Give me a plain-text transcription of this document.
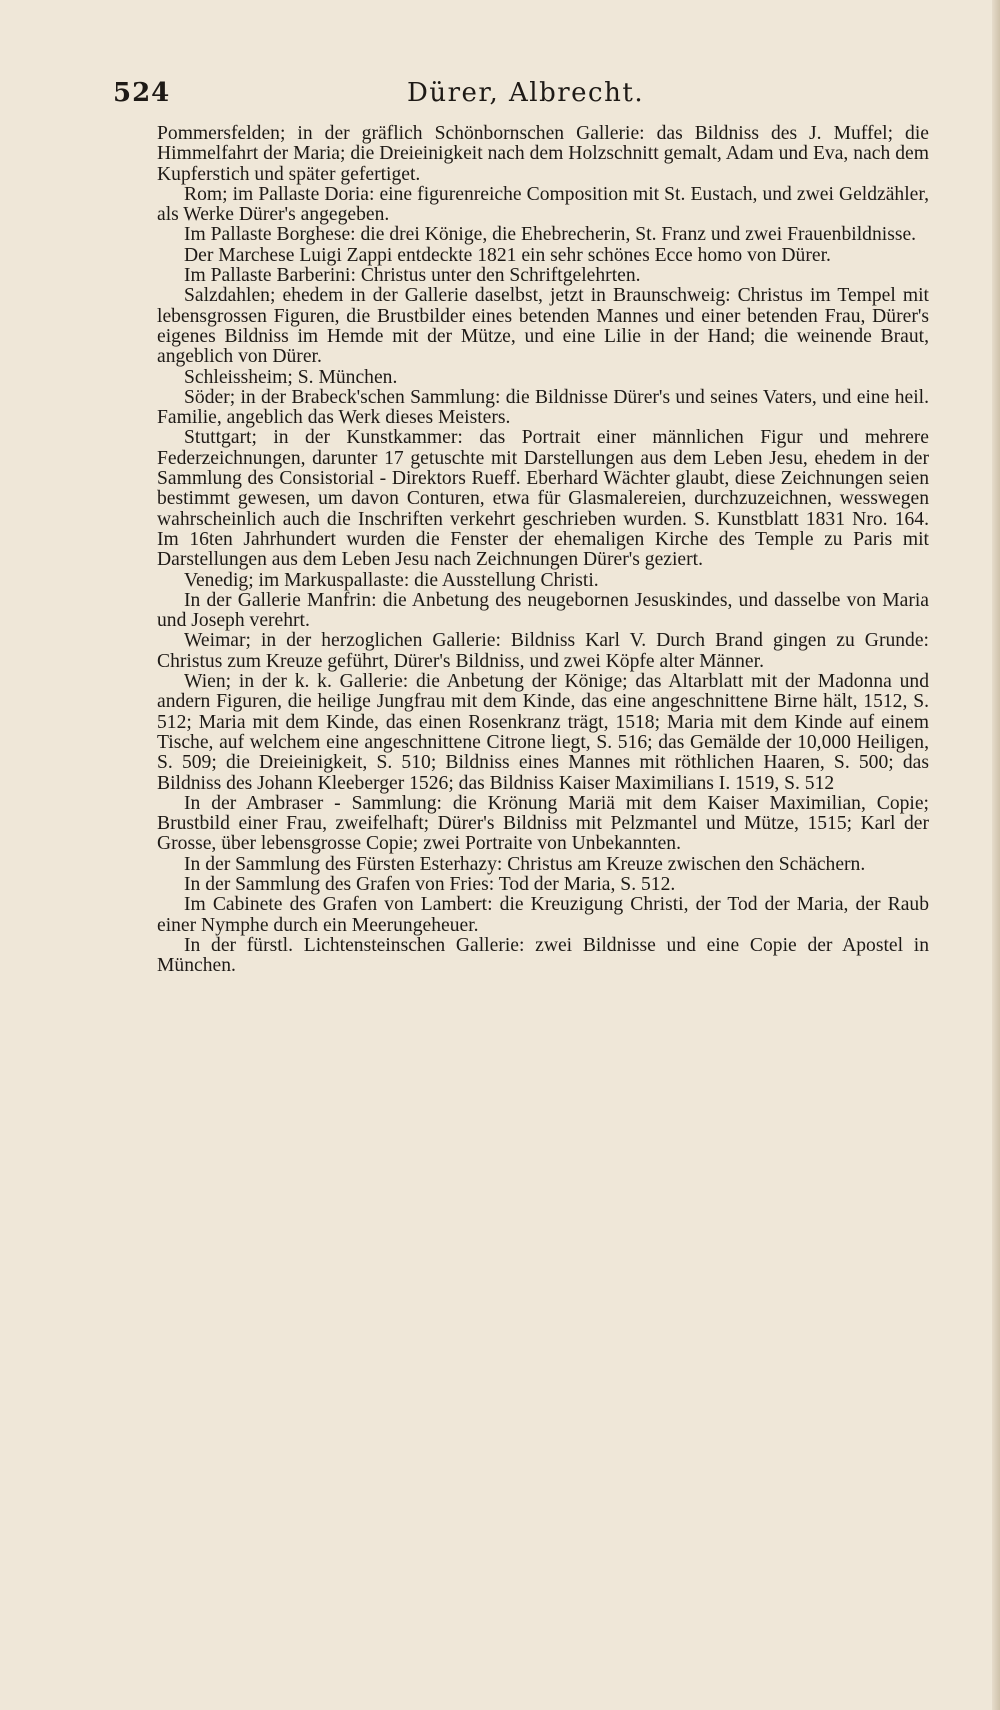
524	Dürer, Albrecht.

Pommersfelden; in der gräflich Schönbornschen Gallerie: das Bildniss des J. Muffel; die Himmelfahrt der Maria; die Dreieinigkeit nach dem Holzschnitt gemalt, Adam und Eva, nach dem Kupferstich und später gefertiget.

Rom; im Pallaste Doria: eine figurenreiche Composition mit St. Eustach, und zwei Geldzähler, als Werke Dürer's angegeben.

Im Pallaste Borghese: die drei Könige, die Ehebrecherin, St. Franz und zwei Frauenbildnisse.

Der Marchese Luigi Zappi entdeckte 1821 ein sehr schönes Ecce homo von Dürer.

Im Pallaste Barberini: Christus unter den Schriftgelehrten.

Salzdahlen; ehedem in der Gallerie daselbst, jetzt in Braunschweig: Christus im Tempel mit lebensgrossen Figuren, die Brustbilder eines betenden Mannes und einer betenden Frau, Dürer's eigenes Bildniss im Hemde mit der Mütze, und eine Lilie in der Hand; die weinende Braut, angeblich von Dürer.

Schleissheim; S. München.

Söder; in der Brabeck'schen Sammlung: die Bildnisse Dürer's und seines Vaters, und eine heil. Familie, angeblich das Werk dieses Meisters.

Stuttgart; in der Kunstkammer: das Portrait einer männlichen Figur und mehrere Federzeichnungen, darunter 17 getuschte mit Darstellungen aus dem Leben Jesu, ehedem in der Sammlung des Consistorial - Direktors Rueff. Eberhard Wächter glaubt, diese Zeichnungen seien bestimmt gewesen, um davon Conturen, etwa für Glasmalereien, durchzuzeichnen, wesswegen wahrscheinlich auch die Inschriften verkehrt geschrieben wurden. S. Kunstblatt 1831 Nro. 164. Im 16ten Jahrhundert wurden die Fenster der ehemaligen Kirche des Temple zu Paris mit Darstellungen aus dem Leben Jesu nach Zeichnungen Dürer's geziert.

Venedig; im Markuspallaste: die Ausstellung Christi.

In der Gallerie Manfrin: die Anbetung des neugebornen Jesuskindes, und dasselbe von Maria und Joseph verehrt.

Weimar; in der herzoglichen Gallerie: Bildniss Karl V. Durch Brand gingen zu Grunde: Christus zum Kreuze geführt, Dürer's Bildniss, und zwei Köpfe alter Männer.

Wien; in der k. k. Gallerie: die Anbetung der Könige; das Altarblatt mit der Madonna und andern Figuren, die heilige Jungfrau mit dem Kinde, das eine angeschnittene Birne hält, 1512, S. 512; Maria mit dem Kinde, das einen Rosenkranz trägt, 1518; Maria mit dem Kinde auf einem Tische, auf welchem eine angeschnittene Citrone liegt, S. 516; das Gemälde der 10,000 Heiligen, S. 509; die Dreieinigkeit, S. 510; Bildniss eines Mannes mit röthlichen Haaren, S. 500; das Bildniss des Johann Kleeberger 1526; das Bildniss Kaiser Maximilians I. 1519, S. 512

In der Ambraser - Sammlung: die Krönung Mariä mit dem Kaiser Maximilian, Copie; Brustbild einer Frau, zweifelhaft; Dürer's Bildniss mit Pelzmantel und Mütze, 1515; Karl der Grosse, über lebensgrosse Copie; zwei Portraite von Unbekannten.

In der Sammlung des Fürsten Esterhazy: Christus am Kreuze zwischen den Schächern.

In der Sammlung des Grafen von Fries: Tod der Maria, S. 512.

Im Cabinete des Grafen von Lambert: die Kreuzigung Christi, der Tod der Maria, der Raub einer Nymphe durch ein Meerungeheuer.

In der fürstl. Lichtensteinschen Gallerie: zwei Bildnisse und eine Copie der Apostel in München.
